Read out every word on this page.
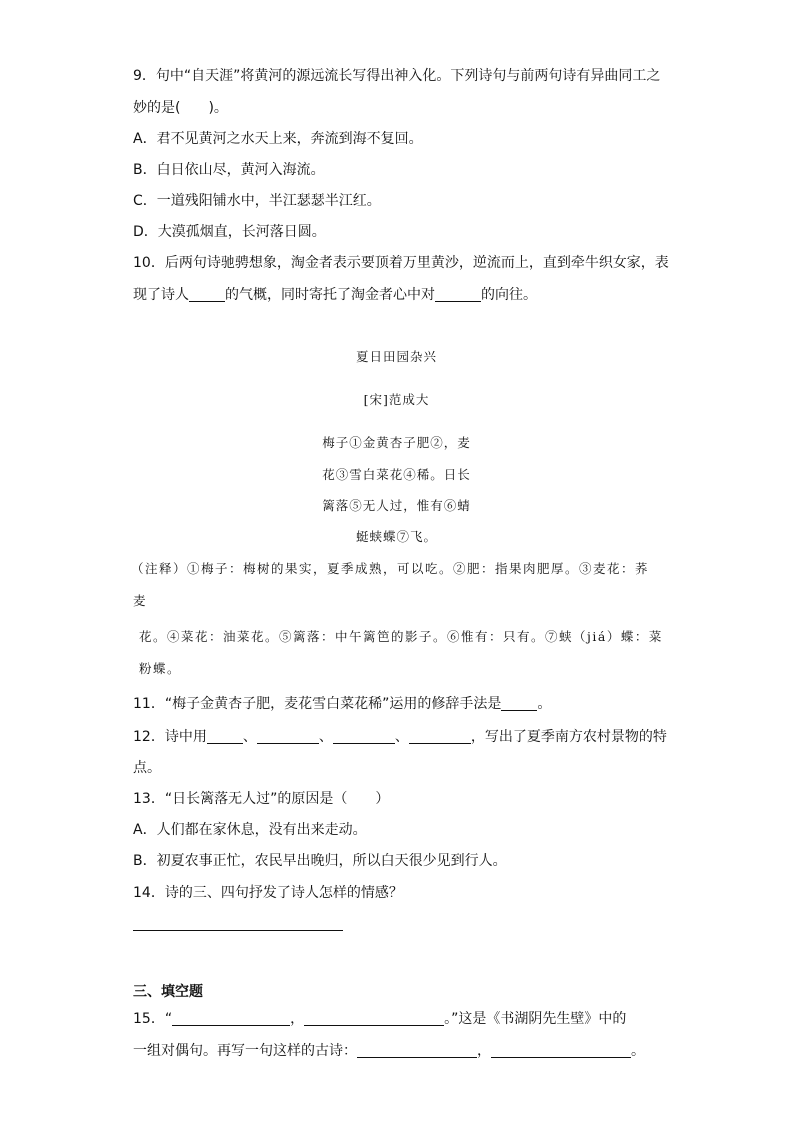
9．句中“自天涯”将黄河的源远流长写得出神入化。下列诗句与前两句诗有异曲同工之
妙的是(　　)。
A．君不见黄河之水天上来，奔流到海不复回。
B．白日依山尽，黄河入海流。
C．一道残阳铺水中，半江瑟瑟半江红。
D．大漠孤烟直，长河落日圆。
10．后两句诗驰骋想象，淘金者表示要顶着万里黄沙，逆流而上，直到牵牛织女家，表
现了诗人	的气概，同时寄托了淘金者心中对	的向往。
夏日田园杂兴
[宋]范成大
梅子①金黄杏子肥②，麦
花③雪白菜花④稀。日长
篱落⑤无人过，惟有⑥蜻
蜓蛱蝶⑦飞。
（注释）①梅子：梅树的果实，夏季成熟，可以吃。②肥：指果肉肥厚。③麦花：荞
麦
花。④菜花：油菜花。⑤篱落：中午篱笆的影子。⑥惟有：只有。⑦蛱（jiá）蝶：菜
粉蝶。
11．“梅子金黄杏子肥，麦花雪白菜花稀”运用的修辞手法是	。
12．诗中用	、	、	、	，写出了夏季南方农村景物的特
点。
13．“日长篱落无人过”的原因是（　　）
A．人们都在家休息，没有出来走动。
B．初夏农事正忙，农民早出晚归，所以白天很少见到行人。
14．诗的三、四句抒发了诗人怎样的情感？
三、填空题
15．“	，	。”这是《书湖阴先生壁》中的
一组对偶句。再写一句这样的古诗：	，	。
